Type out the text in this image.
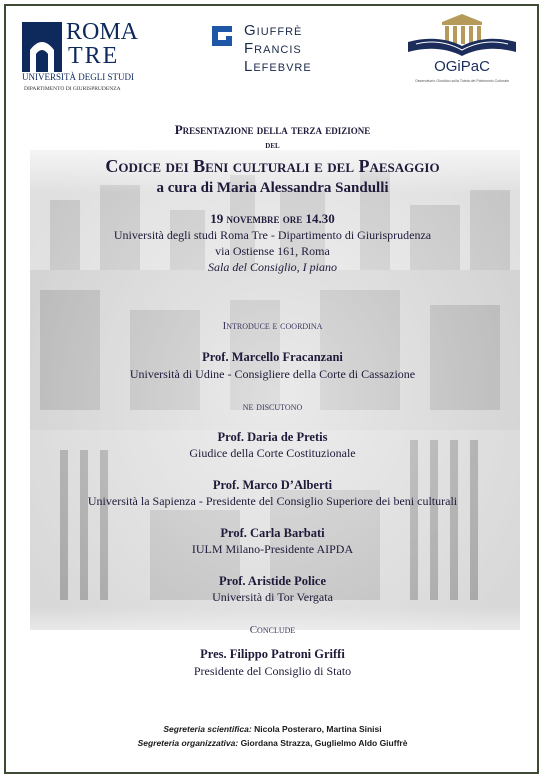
ROMA
TRE
UNIVERSITÀ DEGLI STUDI
DIPARTIMENTO DI GIURISPRUDENZA
Giuffrè
Francis
Lefebvre	OGiPaC
Osservatorio Giuridico sulla Tutela del Patrimonio Culturale
Presentazione della terza edizione
del
Codice dei Beni culturali e del Paesaggio
a cura di Maria Alessandra Sandulli
19 novembre ore 14.30
Università degli studi Roma Tre - Dipartimento di Giurisprudenza
via Ostiense 161, Roma
Sala del Consiglio, I piano
Introduce e coordina
Prof. Marcello Fracanzani
Università di Udine - Consigliere della Corte di Cassazione
ne discutono
Prof. Daria de Pretis
Giudice della Corte Costituzionale
Prof. Marco D’Alberti
Università la Sapienza - Presidente del Consiglio Superiore dei beni culturali
Prof. Carla Barbati
IULM Milano-Presidente AIPDA
Prof. Aristide Police
Università di Tor Vergata
Conclude
Pres. Filippo Patroni Griffi
Presidente del Consiglio di Stato
Segreteria scientifica: Nicola Posteraro, Martina Sinisi
Segreteria organizzativa: Giordana Strazza, Guglielmo Aldo Giuffrè
